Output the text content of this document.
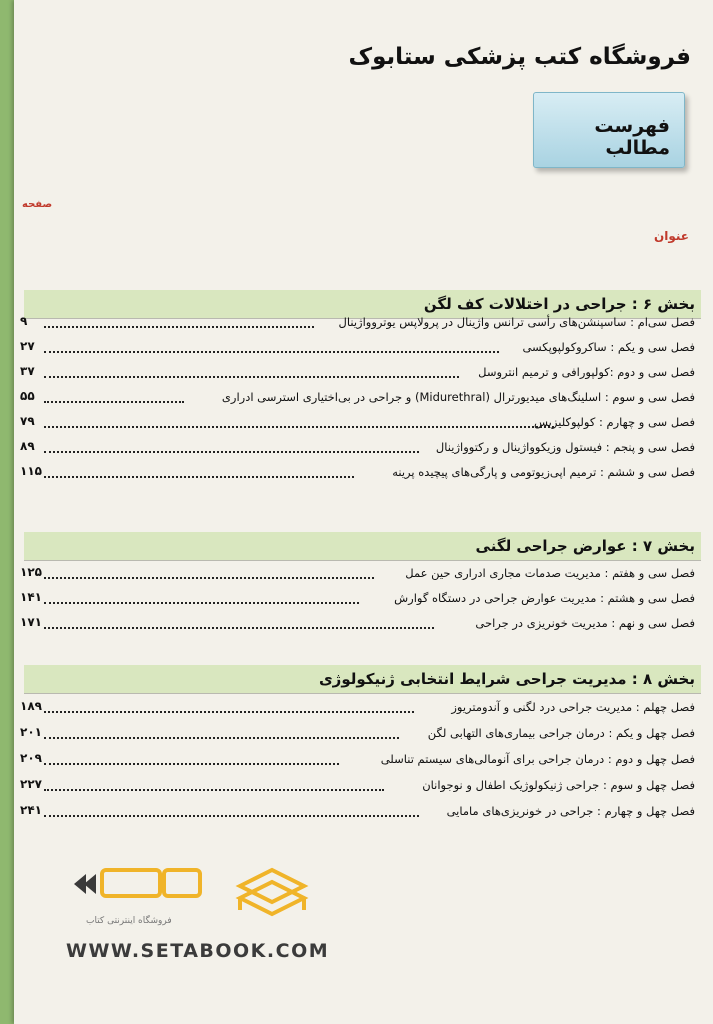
فروشگاه کتب پزشکی ستابوک
فهرست مطالب
صفحه
عنوان
بخش ۶ : جراحی در اختلالات کف لگن
فصل سی‌ام : ساسپنشن‌های رأسی ترانس واژینال در پرولاپس یوترو‌واژینال
۹
فصل سی و یکم : ساکروکولپوپکسی
۲۷
فصل سی و دوم :کولپورافی و ترمیم انتروسل
۳۷
فصل سی و سوم : اسلینگ‌های میدیورترال (Midurethral) و جراحی در بی‌اختیاری استرسی ادراری
۵۵
فصل سی و چهارم : کولپوکلیزیس
۷۹
فصل سی و پنجم : فیستول وزیکوواژینال و رکتوواژینال
۸۹
فصل سی و ششم : ترمیم اپی‌زیوتومی و پارگی‌های پیچیده پرینه
۱۱۵
بخش ۷ : عوارض جراحی لگنی
فصل سی و هفتم : مدیریت صدمات مجاری ادراری حین عمل
۱۲۵
فصل سی و هشتم : مدیریت عوارض جراحی در دستگاه گوارش
۱۴۱
فصل سی و نهم : مدیریت خونریزی در جراحی
۱۷۱
بخش ۸ : مدیریت جراحی شرایط انتخابی ژنیکولوژی
فصل چهلم : مدیریت جراحی درد لگنی و آندومتریوز
۱۸۹
فصل چهل و یکم : درمان جراحی بیماری‌های التهابی لگن
۲۰۱
فصل چهل و دوم : درمان جراحی برای آنومالی‌های سیستم تناسلی
۲۰۹
فصل چهل و سوم : جراحی ژنیکولوژیک اطفال و نوجوانان
۲۲۷
فصل چهل و چهارم : جراحی در خونریزی‌های مامایی
۲۴۱
فروشگاه اینترنتی کتاب
WWW.SETABOOK.COM
